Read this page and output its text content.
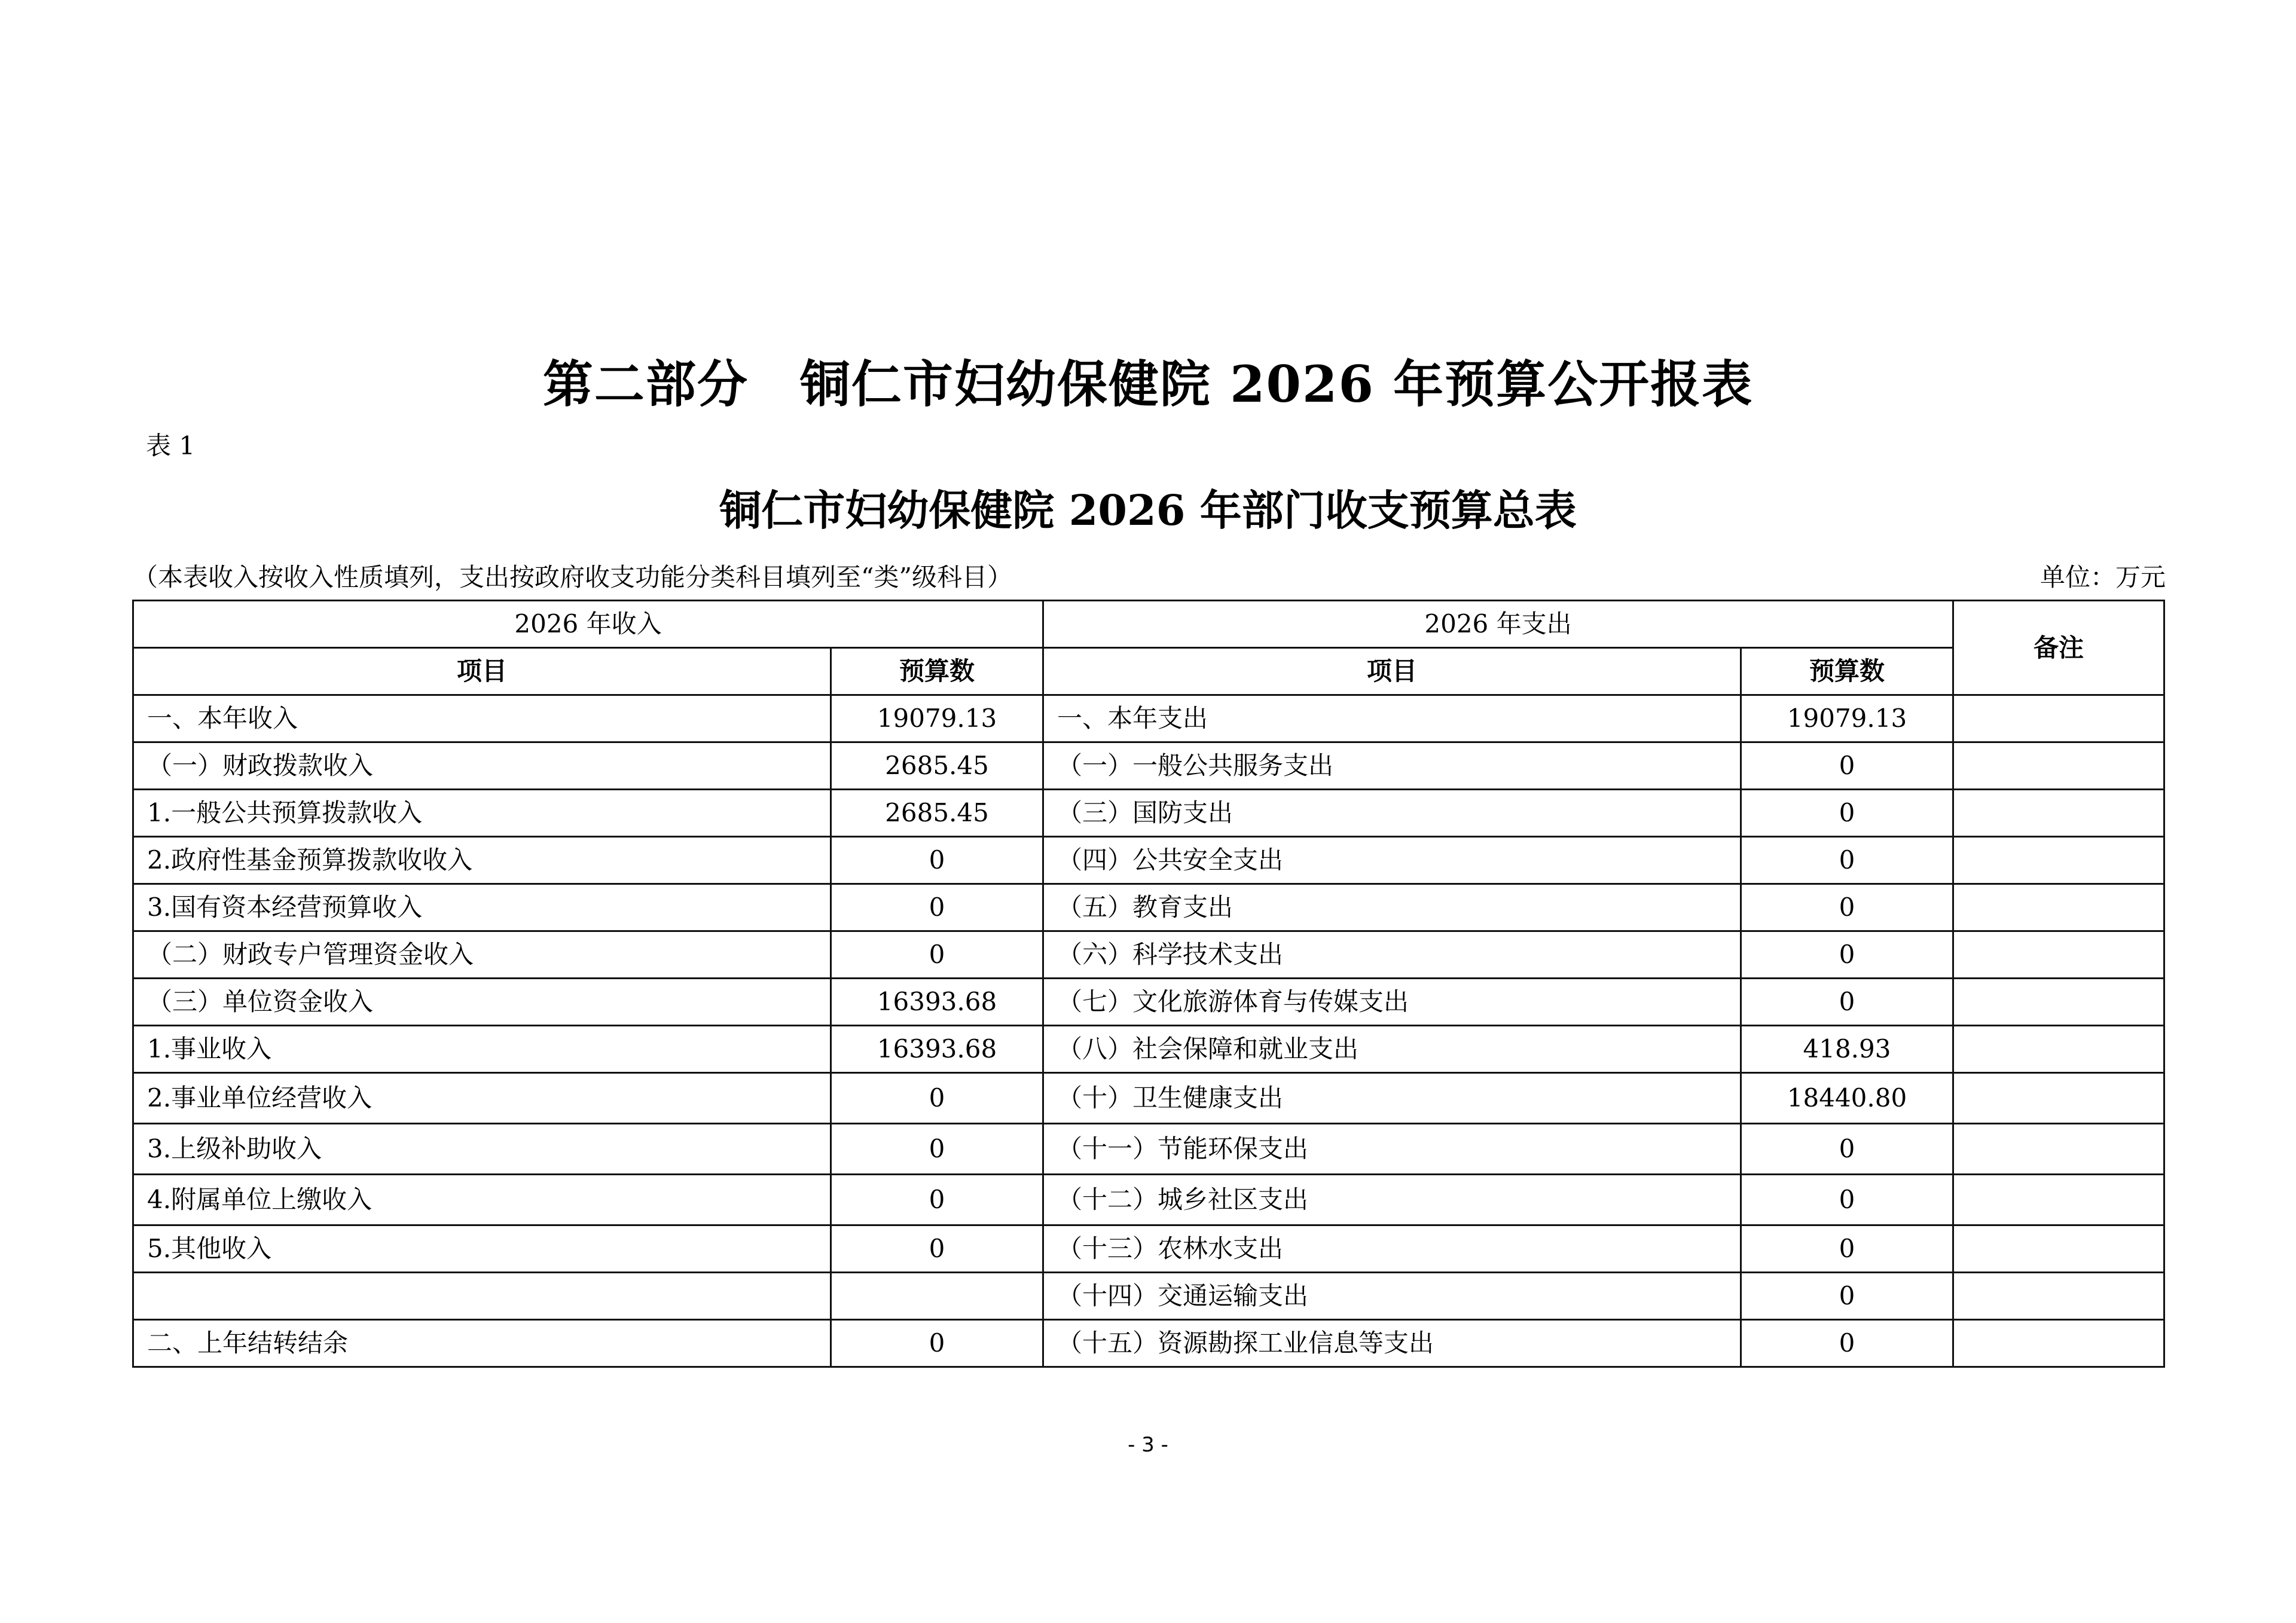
第二部分　铜仁市妇幼保健院 2026 年预算公开报表
表 1
铜仁市妇幼保健院 2026 年部门收支预算总表
（本表收入按收入性质填列，支出按政府收支功能分类科目填列至“类”级科目）	单位：万元
2026 年收入		2026 年支出		备注
项目	预算数	项目	预算数	
一、本年收入	19079.13	一、本年支出	19079.13	
（一）财政拨款收入	2685.45	（一）一般公共服务支出	0	
1.一般公共预算拨款收入	2685.45	（三）国防支出	0	
2.政府性基金预算拨款收收入	0	（四）公共安全支出	0	
3.国有资本经营预算收入	0	（五）教育支出	0	
（二）财政专户管理资金收入	0	（六）科学技术支出	0	
（三）单位资金收入	16393.68	（七）文化旅游体育与传媒支出	0	
1.事业收入	16393.68	（八）社会保障和就业支出	418.93	
2.事业单位经营收入	0	（十）卫生健康支出	18440.80	
3.上级补助收入	0	（十一）节能环保支出	0	
4.附属单位上缴收入	0	（十二）城乡社区支出	0	
5.其他收入	0	（十三）农林水支出	0	
		（十四）交通运输支出	0	
二、上年结转结余	0	（十五）资源勘探工业信息等支出	0	
- 3 -
